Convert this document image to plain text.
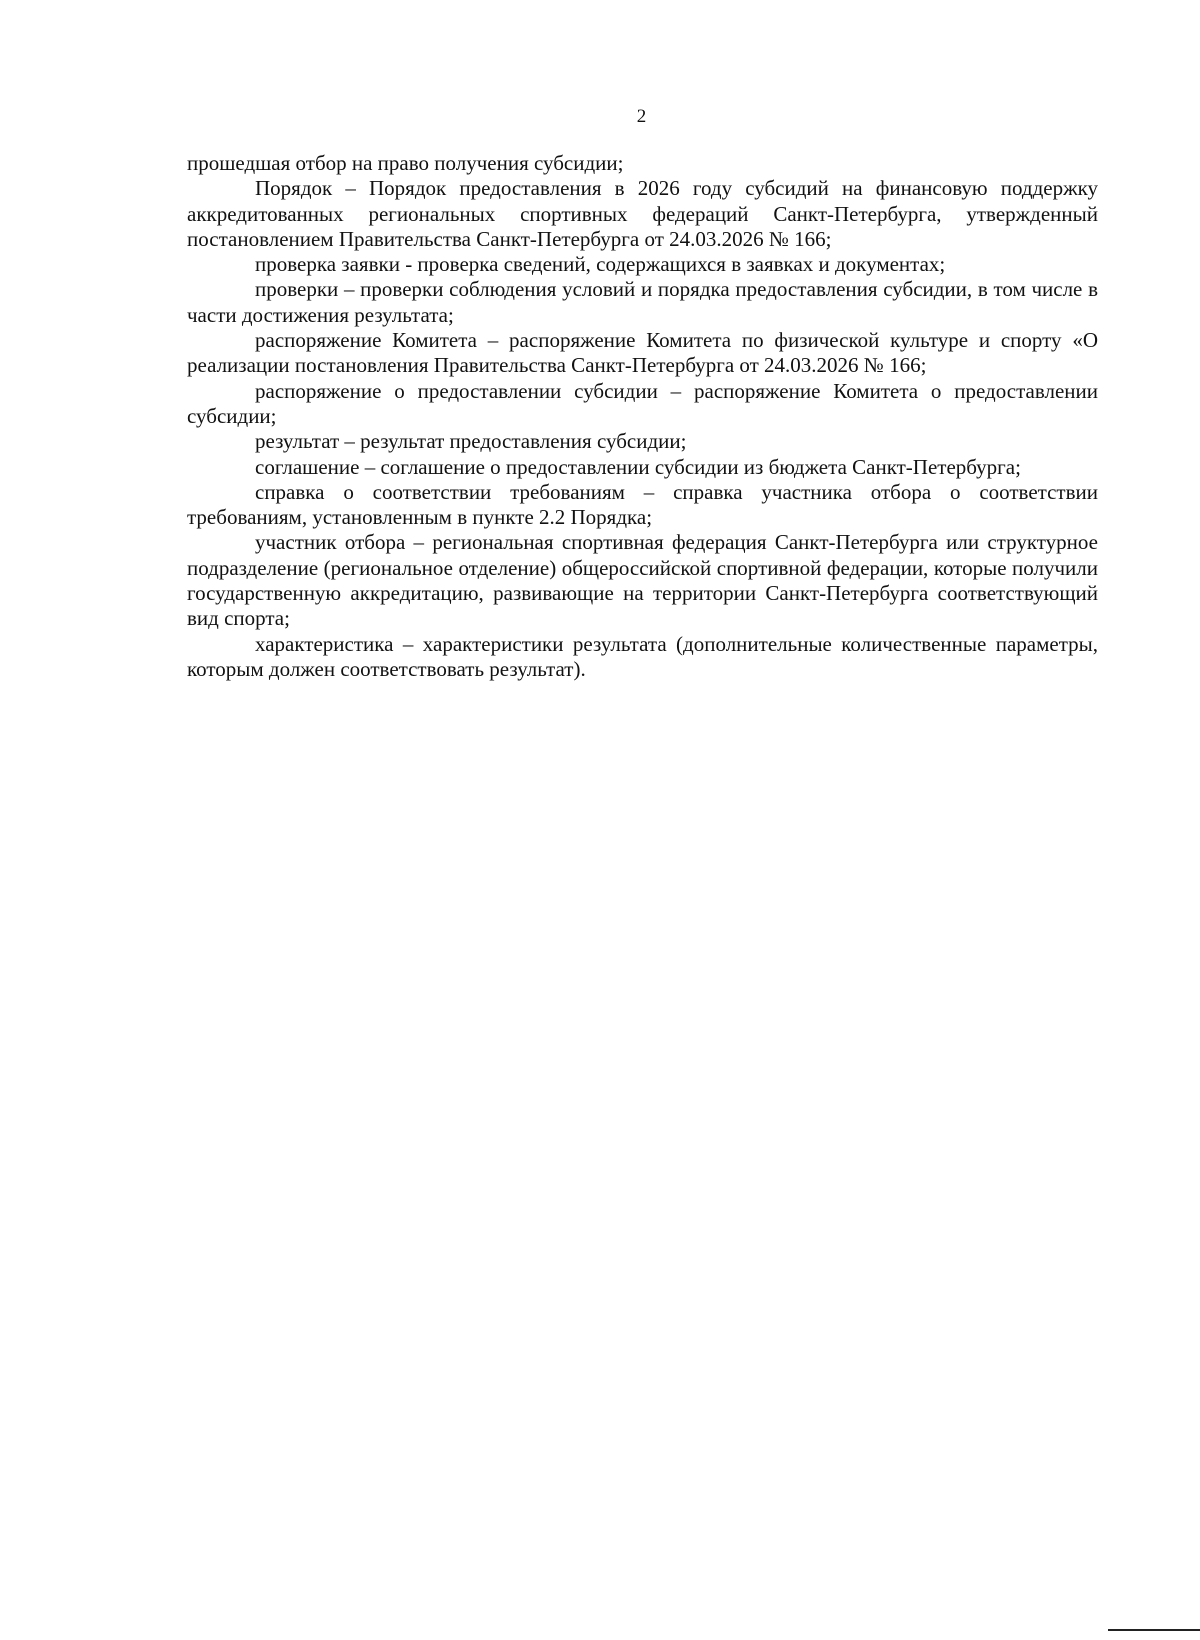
2

прошедшая отбор на право получения субсидии;

Порядок – Порядок предоставления в 2026 году субсидий на финансовую поддержку аккредитованных региональных спортивных федераций Санкт-Петербурга, утвержденный постановлением Правительства Санкт-Петербурга от 24.03.2026 № 166;

проверка заявки - проверка сведений, содержащихся в заявках и документах;

проверки – проверки соблюдения условий и порядка предоставления субсидии, в том числе в части достижения результата;

распоряжение Комитета – распоряжение Комитета по физической культуре и спорту «О реализации постановления Правительства Санкт-Петербурга от 24.03.2026 № 166;

распоряжение о предоставлении субсидии – распоряжение Комитета о предоставлении субсидии;

результат – результат предоставления субсидии;

соглашение – соглашение о предоставлении субсидии из бюджета Санкт-Петербурга;

справка о соответствии требованиям – справка участника отбора о соответствии требованиям, установленным в пункте 2.2 Порядка;

участник отбора – региональная спортивная федерация Санкт-Петербурга или структурное подразделение (региональное отделение) общероссийской спортивной федерации, которые получили государственную аккредитацию, развивающие на территории Санкт-Петербурга соответствующий вид спорта;

характеристика – характеристики результата (дополнительные количественные параметры, которым должен соответствовать результат).
